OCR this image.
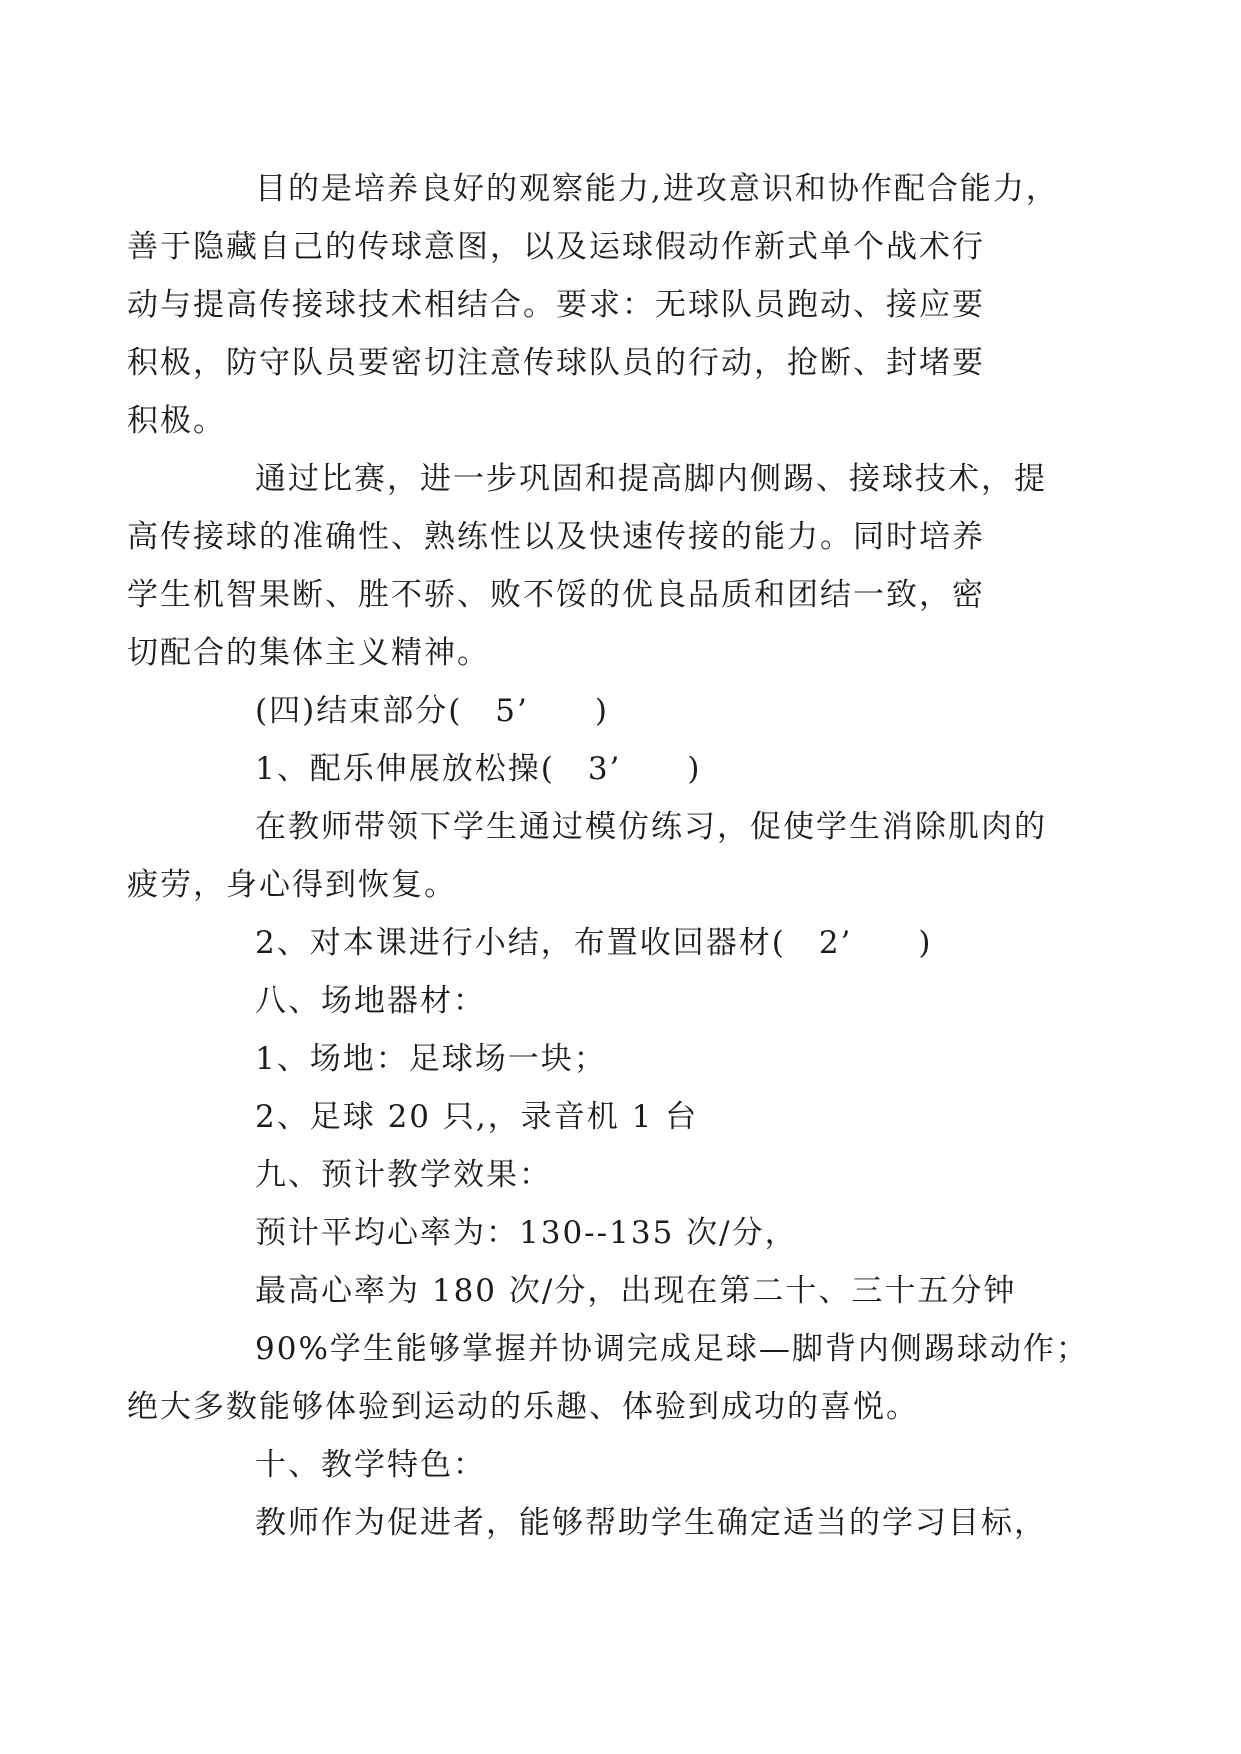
目的是培养良好的观察能力,进攻意识和协作配合能力，
善于隐藏自己的传球意图，以及运球假动作新式单个战术行
动与提高传接球技术相结合。要求：无球队员跑动、接应要
积极，防守队员要密切注意传球队员的行动，抢断、封堵要
积极。

通过比赛，进一步巩固和提高脚内侧踢、接球技术，提
高传接球的准确性、熟练性以及快速传接的能力。同时培养
学生机智果断、胜不骄、败不馁的优良品质和团结一致，密
切配合的集体主义精神。

(四)结束部分(　5’　　)

1、配乐伸展放松操(　3’　　)

在教师带领下学生通过模仿练习，促使学生消除肌肉的
疲劳，身心得到恢复。

2、对本课进行小结，布置收回器材(　2’　　)

八、场地器材：

1、场地：足球场一块；

2、足球 20 只,，录音机 1 台

九、预计教学效果：

预计平均心率为：130--135 次/分，

最高心率为 180 次/分，出现在第二十、三十五分钟

90%学生能够掌握并协调完成足球—脚背内侧踢球动作；
绝大多数能够体验到运动的乐趣、体验到成功的喜悦。

十、教学特色：

教师作为促进者，能够帮助学生确定适当的学习目标，
